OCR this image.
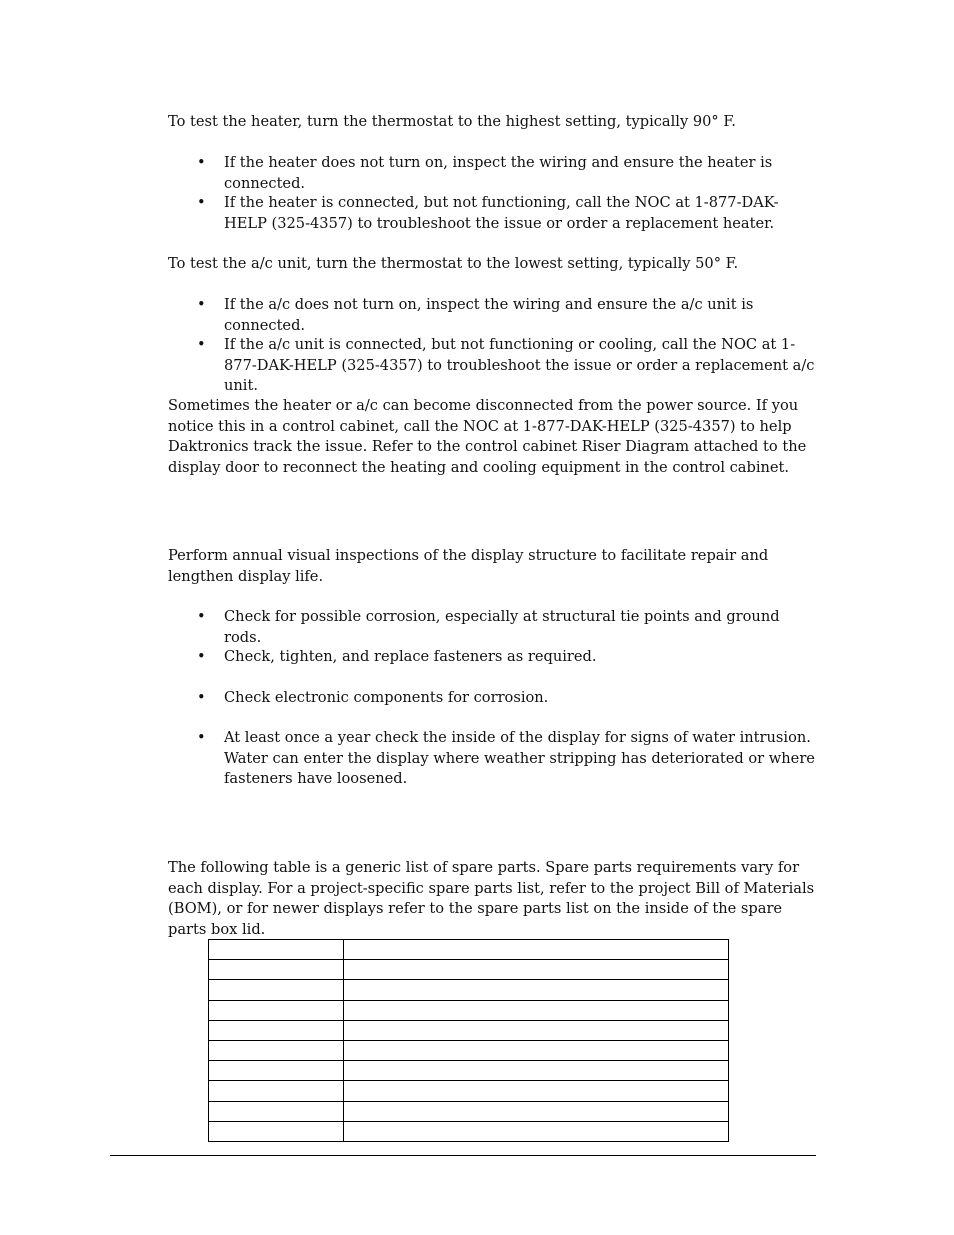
To test the heater, turn the thermostat to the highest setting, typically 90° F.

• If the heater does not turn on, inspect the wiring and ensure the heater is connected.

• If the heater is connected, but not functioning, call the NOC at 1-877-DAK-HELP (325-4357) to troubleshoot the issue or order a replacement heater.

To test the a/c unit, turn the thermostat to the lowest setting, typically 50° F.

• If the a/c does not turn on, inspect the wiring and ensure the a/c unit is connected.

• If the a/c unit is connected, but not functioning or cooling, call the NOC at 1-877-DAK-HELP (325-4357) to troubleshoot the issue or order a replacement a/c unit.

Sometimes the heater or a/c can become disconnected from the power source. If you notice this in a control cabinet, call the NOC at 1-877-DAK-HELP (325-4357) to help Daktronics track the issue. Refer to the control cabinet Riser Diagram attached to the display door to reconnect the heating and cooling equipment in the control cabinet.

Perform annual visual inspections of the display structure to facilitate repair and lengthen display life.

• Check for possible corrosion, especially at structural tie points and ground rods.

• Check, tighten, and replace fasteners as required.

• Check electronic components for corrosion.

• At least once a year check the inside of the display for signs of water intrusion. Water can enter the display where weather stripping has deteriorated or where fasteners have loosened.

The following table is a generic list of spare parts. Spare parts requirements vary for each display. For a project-specific spare parts list, refer to the project Bill of Materials (BOM), or for newer displays refer to the spare parts list on the inside of the spare parts box lid.
